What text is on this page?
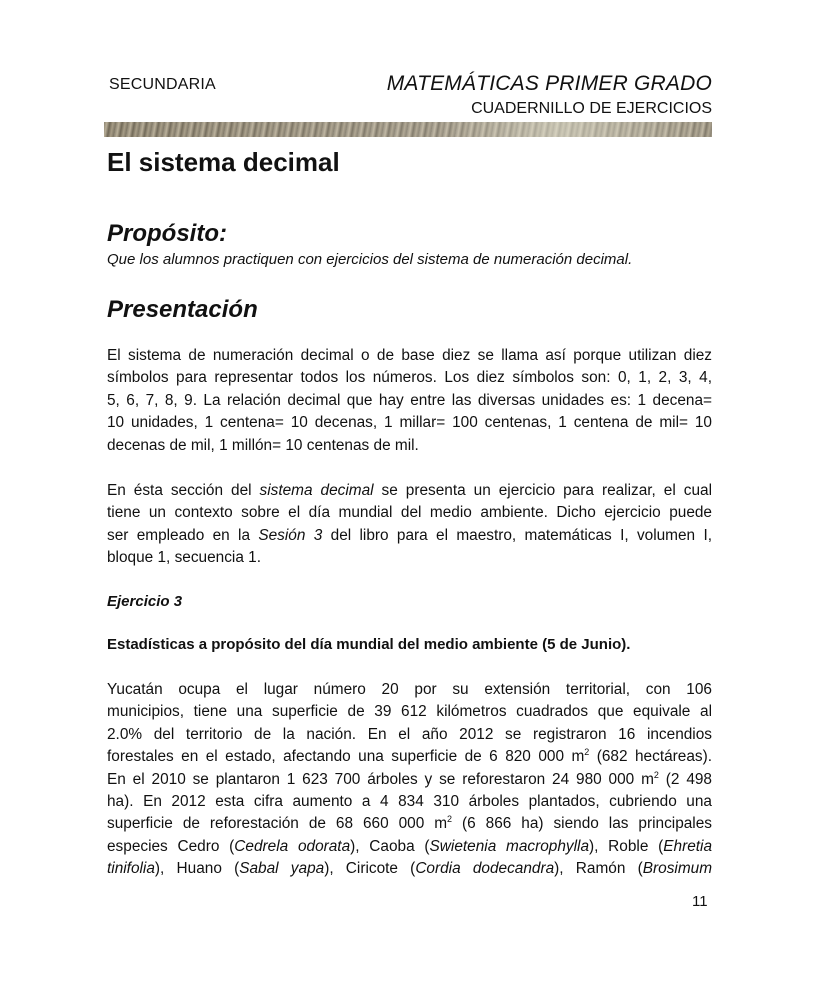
SECUNDARIA	MATEMÁTICAS PRIMER GRADO
CUADERNILLO DE EJERCICIOS
El sistema decimal
Propósito:
Que los alumnos practiquen con ejercicios del sistema de numeración decimal.
Presentación
El sistema de numeración decimal o de base diez se llama así porque utilizan diez
símbolos para representar todos los números. Los diez símbolos son: 0, 1, 2, 3, 4,
5, 6, 7, 8, 9. La relación decimal que hay entre las diversas unidades es: 1 decena=
10 unidades, 1 centena= 10 decenas, 1 millar= 100 centenas, 1 centena de mil= 10
decenas de mil, 1 millón= 10 centenas de mil.
En ésta sección del sistema decimal se presenta un ejercicio para realizar, el cual
tiene un contexto sobre el día mundial del medio ambiente. Dicho ejercicio puede
ser empleado en la Sesión 3 del libro para el maestro, matemáticas I, volumen I,
bloque 1, secuencia 1.
Ejercicio 3
Estadísticas a propósito del día mundial del medio ambiente (5 de Junio).
Yucatán ocupa el lugar número 20 por su extensión territorial, con 106
municipios, tiene una superficie de 39 612 kilómetros cuadrados que equivale al
2.0% del territorio de la nación. En el año 2012 se registraron 16 incendios
forestales en el estado, afectando una superficie de 6 820 000 $m^2$ (682 hectáreas).
En el 2010 se plantaron 1 623 700 árboles y se reforestaron 24 980 000 $m^2$ (2 498
ha). En 2012 esta cifra aumento a 4 834 310 árboles plantados, cubriendo una
superficie de reforestación de 68 660 000 $m^2$ (6 866 ha) siendo las principales
especies Cedro (Cedrela odorata), Caoba (Swietenia macrophylla), Roble (Ehretia
tinifolia), Huano (Sabal yapa), Ciricote (Cordia dodecandra), Ramón (Brosimum
11
